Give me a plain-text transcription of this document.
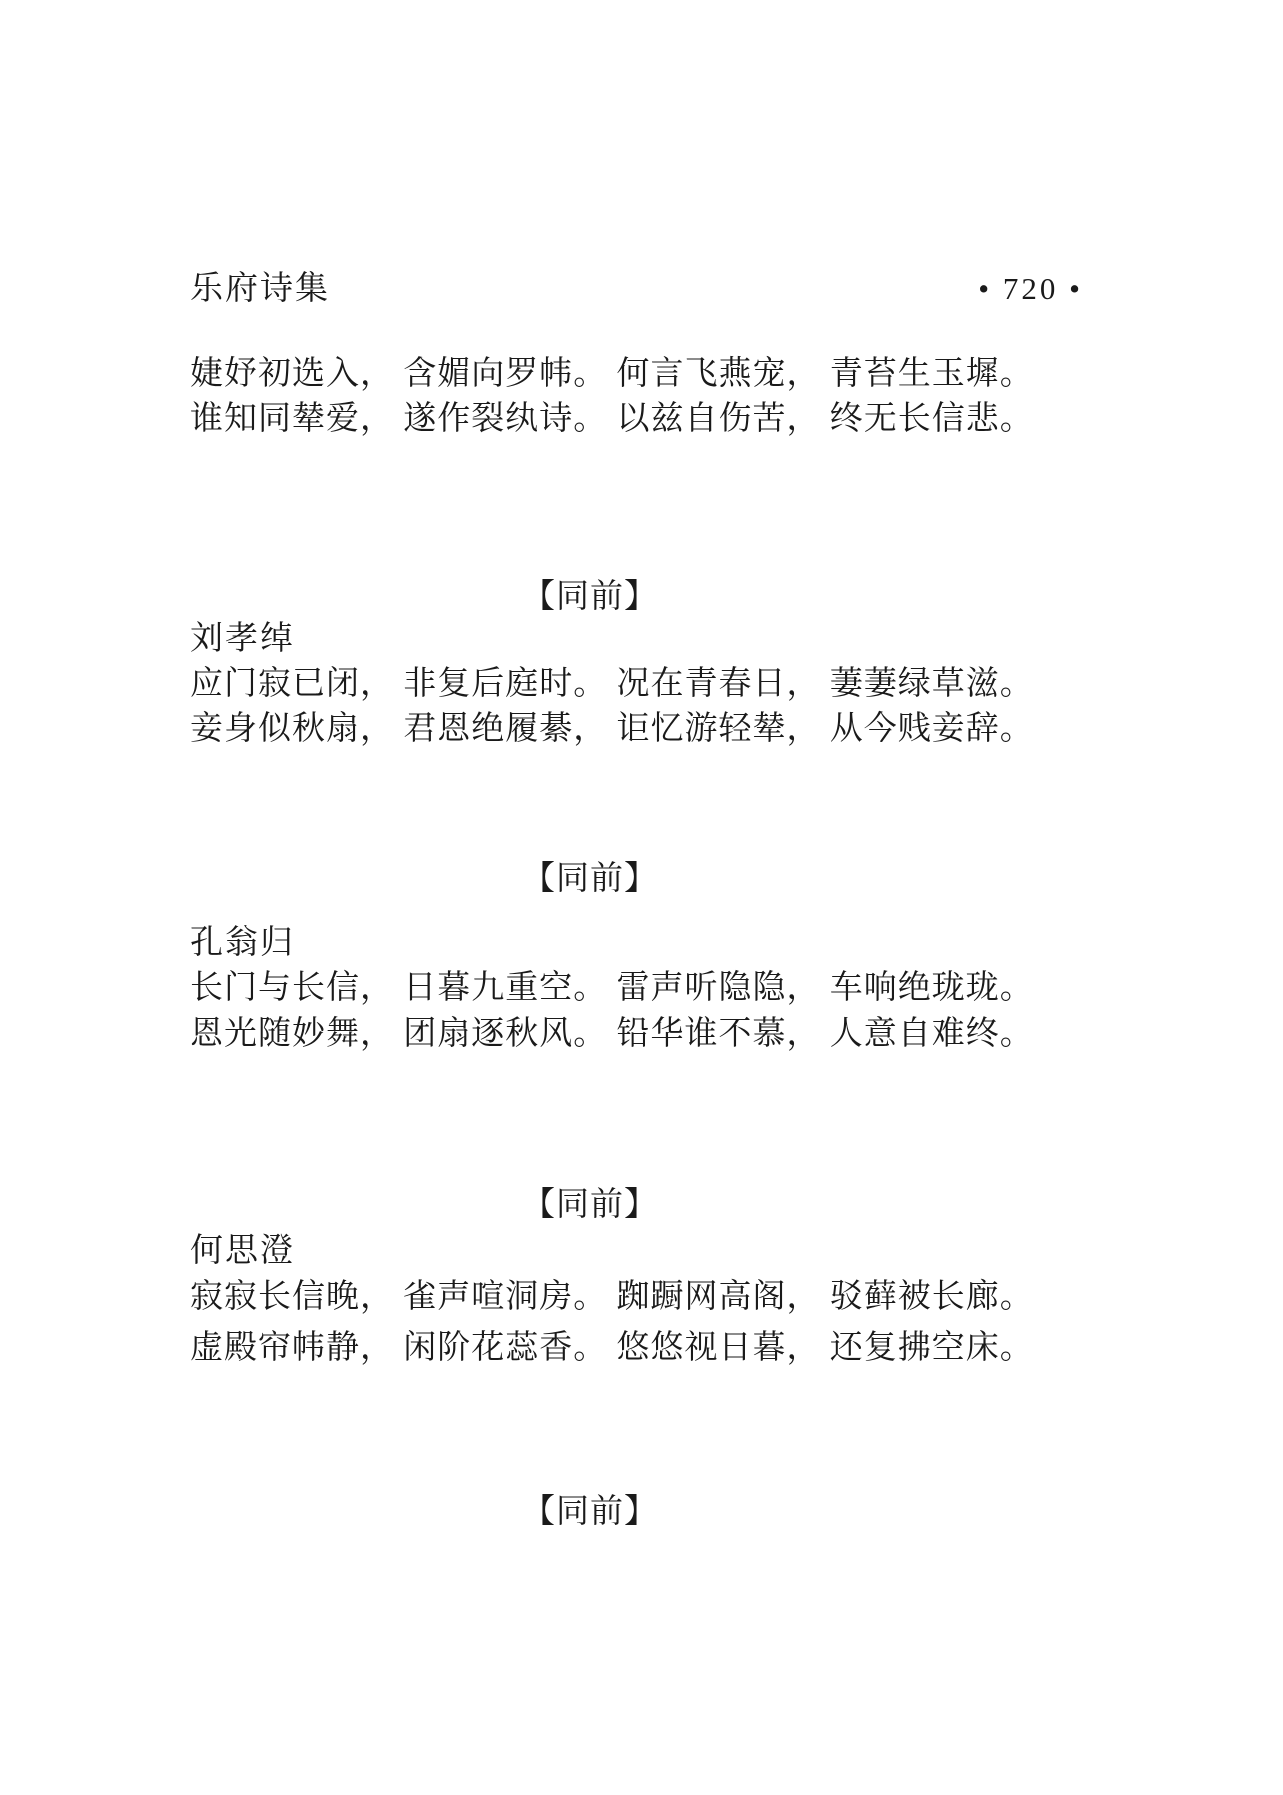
乐府诗集	• 720 •
婕妤初选入， 含媚向罗帏。 何言飞燕宠， 青苔生玉墀。
谁知同辇爱， 遂作裂纨诗。 以兹自伤苦， 终无长信悲。
【同前】
刘孝绰
应门寂已闭， 非复后庭时。 况在青春日， 萋萋绿草滋。
妾身似秋扇， 君恩绝履綦， 讵忆游轻辇， 从今贱妾辞。
【同前】
孔翁归
长门与长信， 日暮九重空。 雷声听隐隐， 车响绝珑珑。
恩光随妙舞， 团扇逐秋风。 铅华谁不慕， 人意自难终。
【同前】
何思澄
寂寂长信晚， 雀声喧洞房。 踟蹰网高阁， 驳藓被长廊。
虚殿帘帏静， 闲阶花蕊香。 悠悠视日暮， 还复拂空床。
【同前】
